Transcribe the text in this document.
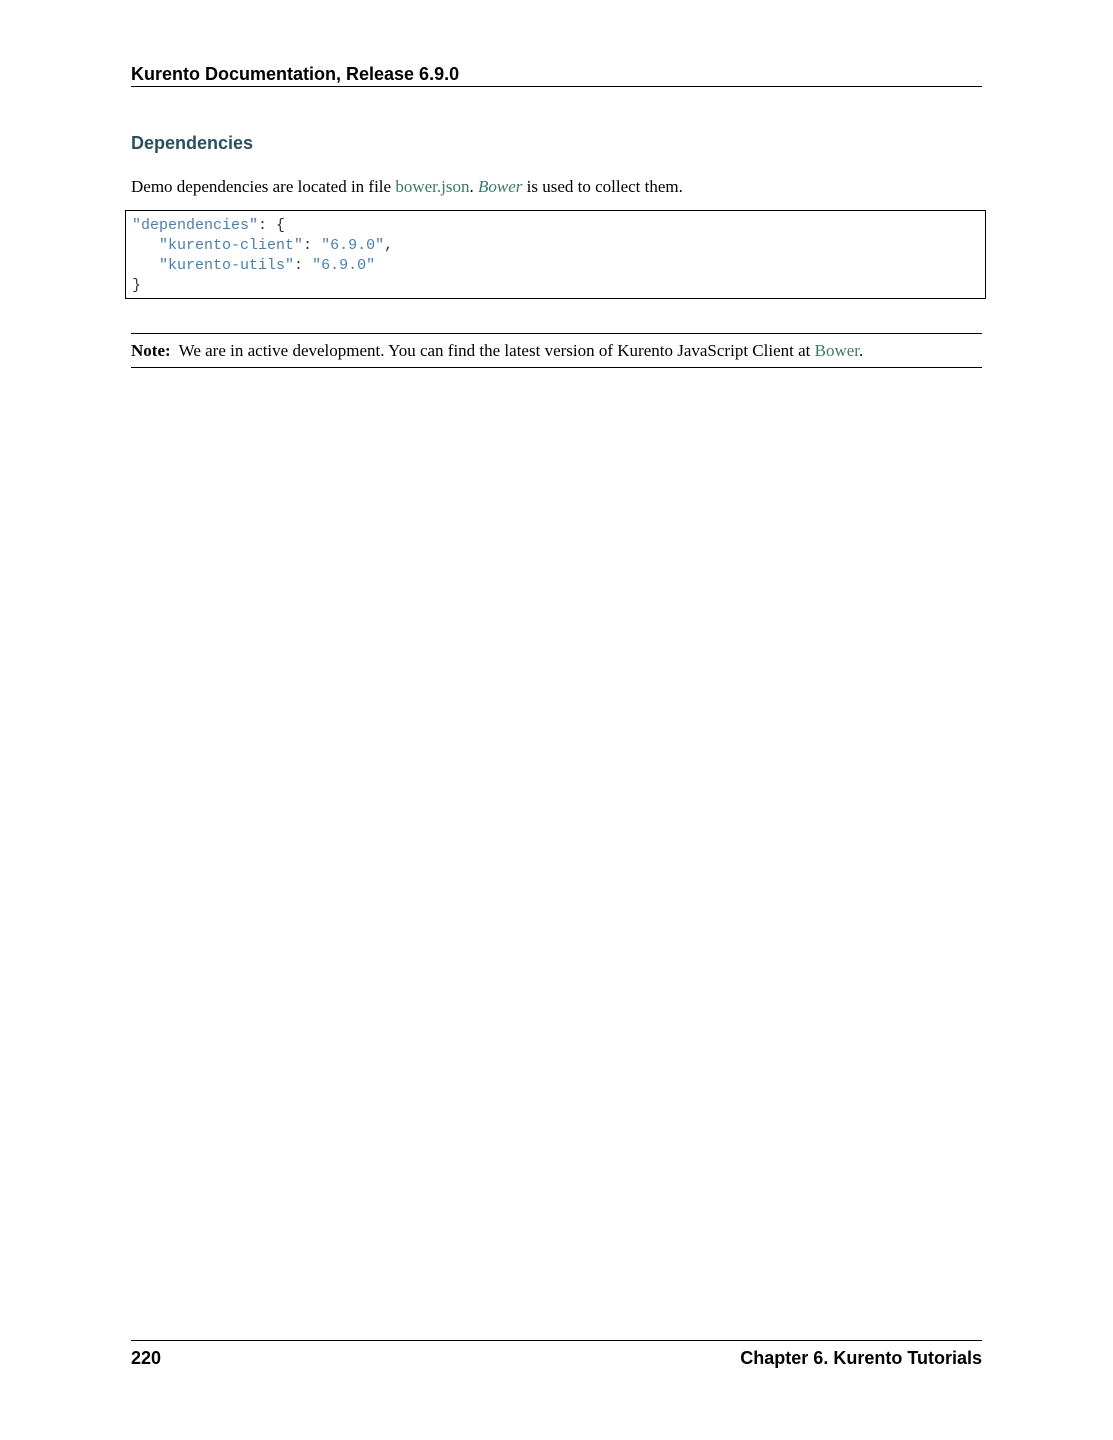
Kurento Documentation, Release 6.9.0
Dependencies

Demo dependencies are located in file bower.json. Bower is used to collect them.

"dependencies": {
"kurento-client": "6.9.0",
"kurento-utils": "6.9.0"
}
Note: We are in active development. You can find the latest version of Kurento JavaScript Client at Bower.
220	Chapter 6. Kurento Tutorials
